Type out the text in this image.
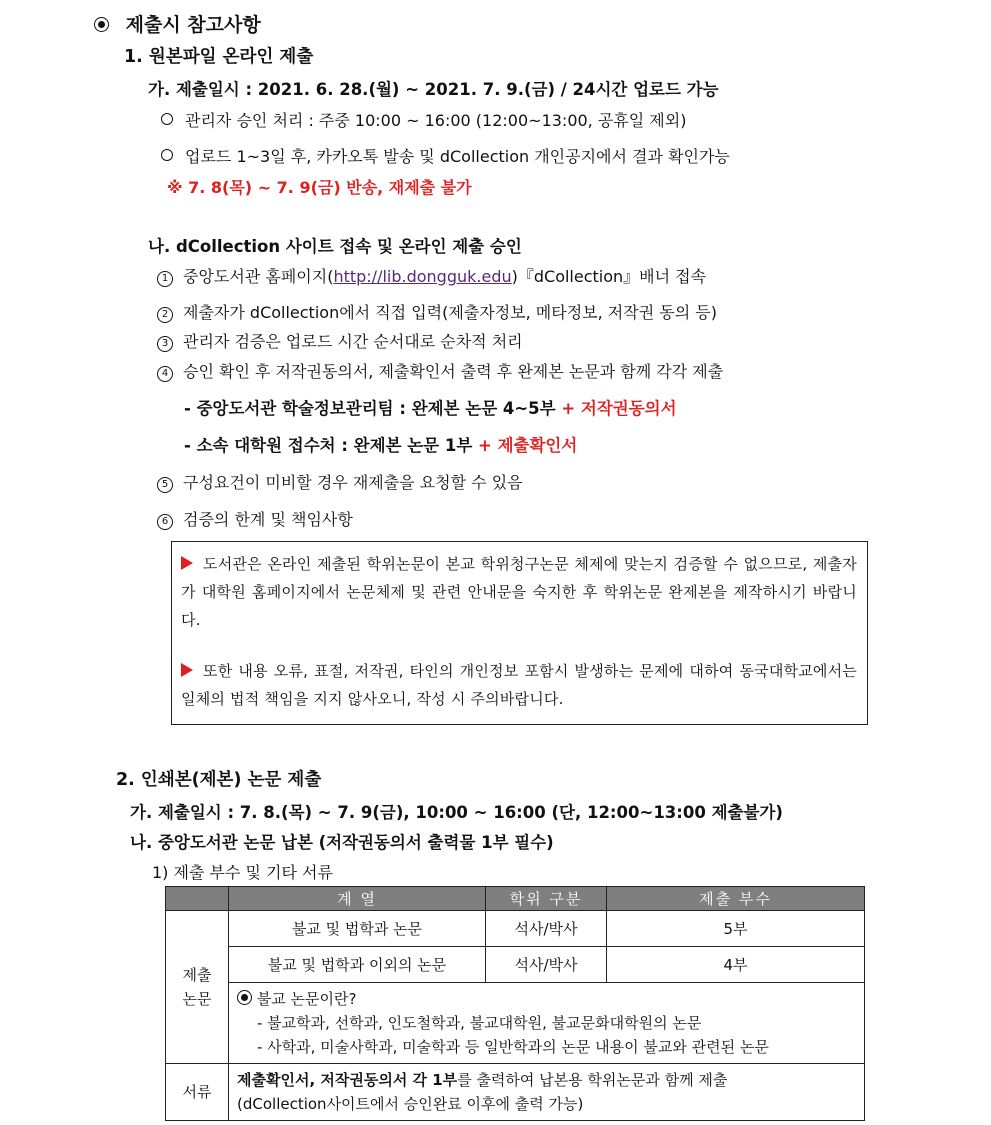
제출시 참고사항
1. 원본파일 온라인 제출
가. 제출일시 : 2021. 6. 28.(월) ~ 2021. 7. 9.(금) / 24시간 업로드 가능
관리자 승인 처리 : 주중 10:00 ~ 16:00 (12:00~13:00, 공휴일 제외)
업로드 1~3일 후, 카카오톡 발송 및 dCollection 개인공지에서 결과 확인가능
※ 7. 8(목) ~ 7. 9(금) 반송, 재제출 불가
나. dCollection 사이트 접속 및 온라인 제출 승인
1 중앙도서관 홈페이지(http://lib.dongguk.edu)『dCollection』배너 접속
2 제출자가 dCollection에서 직접 입력(제출자정보, 메타정보, 저작권 동의 등)
3 관리자 검증은 업로드 시간 순서대로 순차적 처리
4 승인 확인 후 저작권동의서, 제출확인서 출력 후 완제본 논문과 함께 각각 제출
- 중앙도서관 학술정보관리팀 : 완제본 논문 4~5부 + 저작권동의서
- 소속 대학원 접수처 : 완제본 논문 1부 + 제출확인서
5 구성요건이 미비할 경우 재제출을 요청할 수 있음
6 검증의 한계 및 책임사항
도서관은 온라인 제출된 학위논문이 본교 학위청구논문 체제에 맞는지 검증할 수 없으므로, 제출자가 대학원 홈페이지에서 논문체제 및 관련 안내문을 숙지한 후 학위논문 완제본을 제작하시기 바랍니다.
또한 내용 오류, 표절, 저작권, 타인의 개인정보 포함시 발생하는 문제에 대하여 동국대학교에서는 일체의 법적 책임을 지지 않사오니, 작성 시 주의바랍니다.
2. 인쇄본(제본) 논문 제출
가. 제출일시 : 7. 8.(목) ~ 7. 9(금), 10:00 ~ 16:00 (단, 12:00~13:00 제출불가)
나. 중앙도서관 논문 납본 (저작권동의서 출력물 1부 필수)
1) 제출 부수 및 기타 서류
	계 열	학위 구분	제출 부수
제출
논문	불교 및 법학과 논문	석사/박사	5부
	불교 및 법학과 이외의 논문	석사/박사	4부

	불교 논문이란?
- 불교학과, 선학과, 인도철학과, 불교대학원, 불교문화대학원의 논문
- 사학과, 미술사학과, 미술학과 등 일반학과의 논문 내용이 불교와 관련된 논문		

서류	제출확인서, 저작권동의서 각 1부를 출력하여 납본용 학위논문과 함께 제출
(dCollection사이트에서 승인완료 이후에 출력 가능)		
